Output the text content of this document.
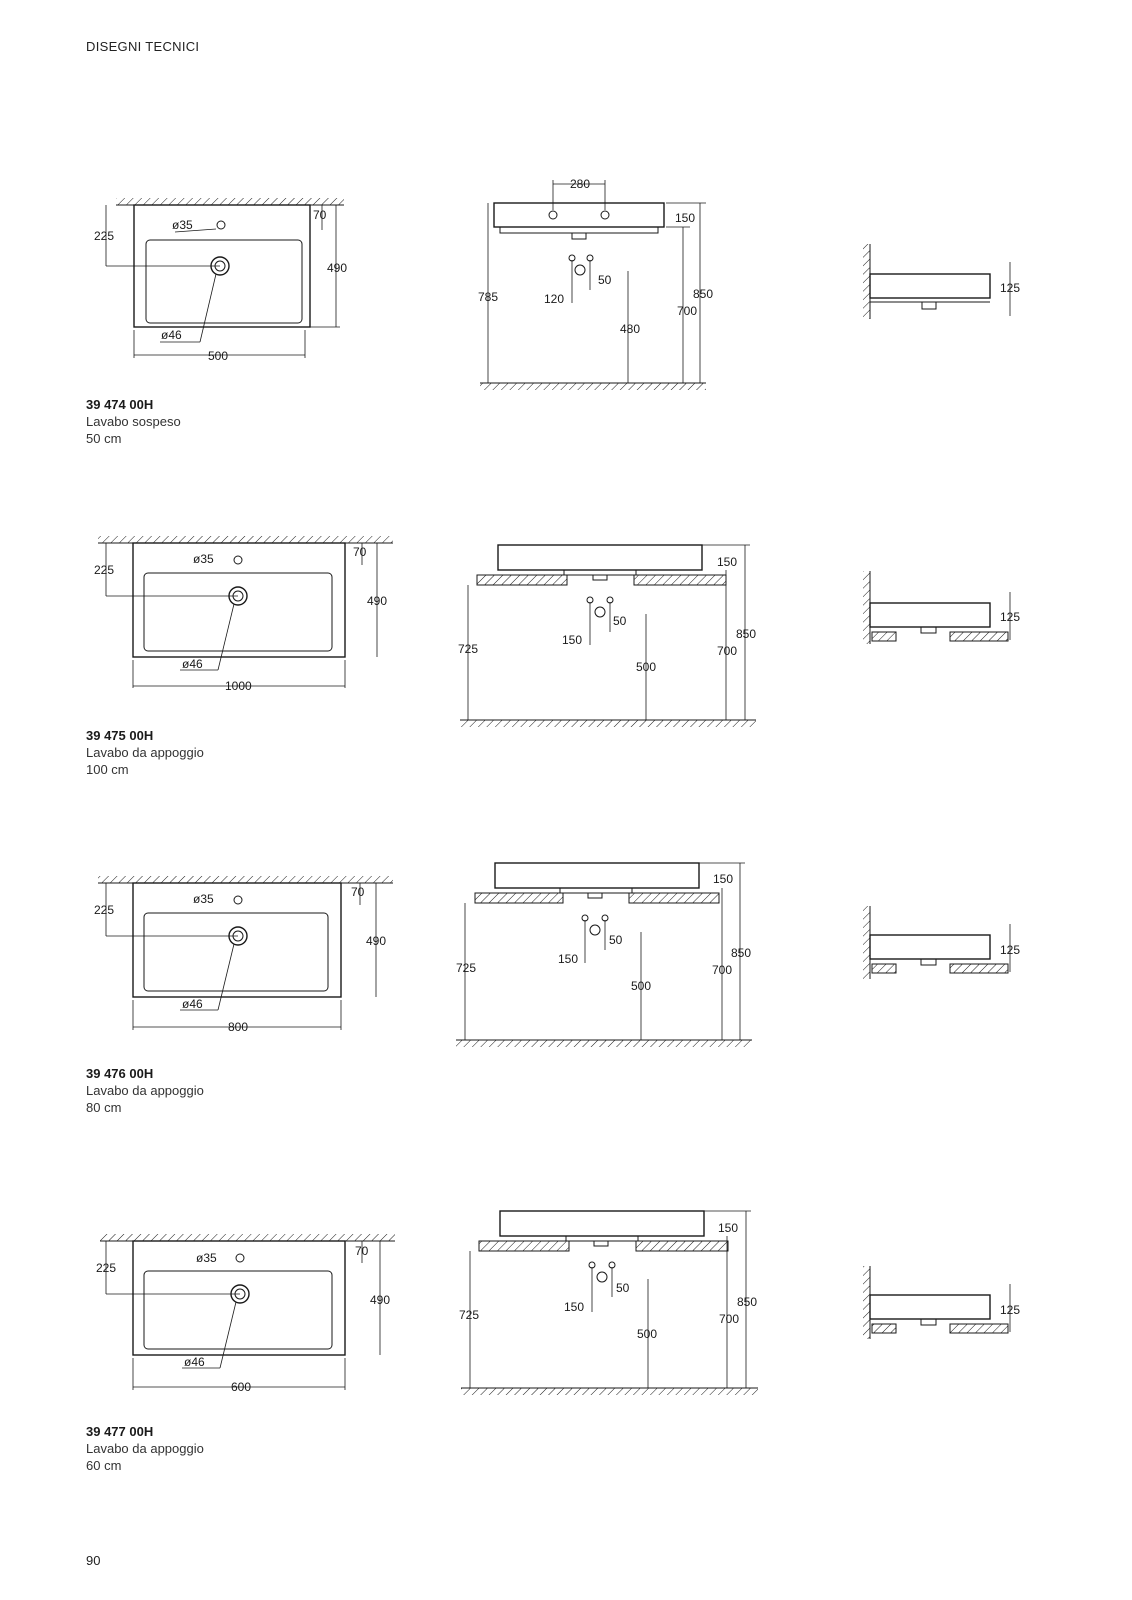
DISEGNI TECNICI
225
70
490
ø35
ø46
500
280
150
785	120
50
480
850
700
125
225
70
490
ø35
ø46
1000
150
725
150
50
500
850
700
125
225
70
490
ø35
ø46
800
150
725
150
50
500
850
700
125
225
70
490
ø35
ø46
600
150
725
150
50
500
850
700
125
39 474 00H
Lavabo sospeso
50 cm
39 475 00H
Lavabo da appoggio
100 cm
39 476 00H
Lavabo da appoggio
80 cm
39 477 00H
Lavabo da appoggio
60 cm
90
